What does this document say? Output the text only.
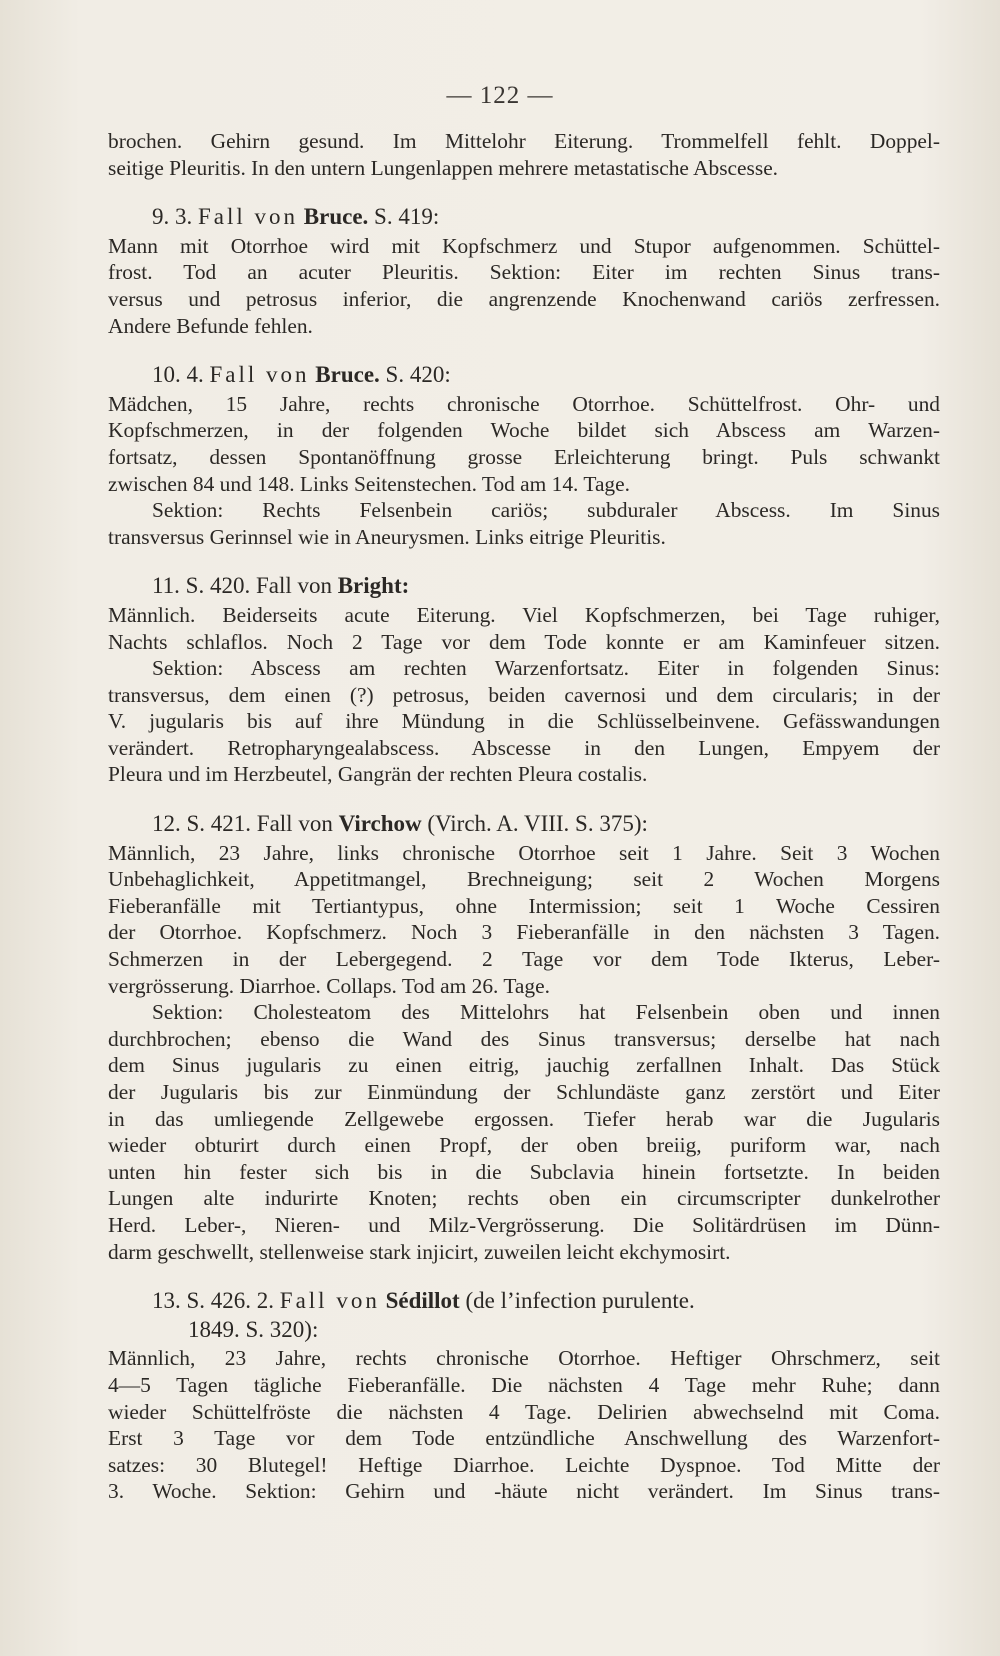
— 122 —
brochen. Gehirn gesund. Im Mittelohr Eiterung. Trommelfell fehlt. Doppel-
seitige Pleuritis. In den untern Lungenlappen mehrere metastatische Abscesse.
9. 3. Fall von Bruce. S. 419:
Mann mit Otorrhoe wird mit Kopfschmerz und Stupor aufgenommen. Schüttel-
frost. Tod an acuter Pleuritis. Sektion: Eiter im rechten Sinus trans-
versus und petrosus inferior, die angrenzende Knochenwand cariös zerfressen.
Andere Befunde fehlen.
10. 4. Fall von Bruce. S. 420:
Mädchen, 15 Jahre, rechts chronische Otorrhoe. Schüttelfrost. Ohr- und
Kopfschmerzen, in der folgenden Woche bildet sich Abscess am Warzen-
fortsatz, dessen Spontanöffnung grosse Erleichterung bringt. Puls schwankt
zwischen 84 und 148. Links Seitenstechen. Tod am 14. Tage.
Sektion: Rechts Felsenbein cariös; subduraler Abscess. Im Sinus
transversus Gerinnsel wie in Aneurysmen. Links eitrige Pleuritis.
11. S. 420. Fall von Bright:
Männlich. Beiderseits acute Eiterung. Viel Kopfschmerzen, bei Tage ruhiger,
Nachts schlaflos. Noch 2 Tage vor dem Tode konnte er am Kaminfeuer sitzen.
Sektion: Abscess am rechten Warzenfortsatz. Eiter in folgenden Sinus:
transversus, dem einen (?) petrosus, beiden cavernosi und dem circularis; in der
V. jugularis bis auf ihre Mündung in die Schlüsselbeinvene. Gefässwandungen
verändert. Retropharyngealabscess. Abscesse in den Lungen, Empyem der
Pleura und im Herzbeutel, Gangrän der rechten Pleura costalis.
12. S. 421. Fall von Virchow (Virch. A. VIII. S. 375):
Männlich, 23 Jahre, links chronische Otorrhoe seit 1 Jahre. Seit 3 Wochen
Unbehaglichkeit, Appetitmangel, Brechneigung; seit 2 Wochen Morgens
Fieberanfälle mit Tertiantypus, ohne Intermission; seit 1 Woche Cessiren
der Otorrhoe. Kopfschmerz. Noch 3 Fieberanfälle in den nächsten 3 Tagen.
Schmerzen in der Lebergegend. 2 Tage vor dem Tode Ikterus, Leber-
vergrösserung. Diarrhoe. Collaps. Tod am 26. Tage.
Sektion: Cholesteatom des Mittelohrs hat Felsenbein oben und innen
durchbrochen; ebenso die Wand des Sinus transversus; derselbe hat nach
dem Sinus jugularis zu einen eitrig, jauchig zerfallnen Inhalt. Das Stück
der Jugularis bis zur Einmündung der Schlundäste ganz zerstört und Eiter
in das umliegende Zellgewebe ergossen. Tiefer herab war die Jugularis
wieder obturirt durch einen Propf, der oben breiig, puriform war, nach
unten hin fester sich bis in die Subclavia hinein fortsetzte. In beiden
Lungen alte indurirte Knoten; rechts oben ein circumscripter dunkelrother
Herd. Leber-, Nieren- und Milz-Vergrösserung. Die Solitärdrüsen im Dünn-
darm geschwellt, stellenweise stark injicirt, zuweilen leicht ekchymosirt.
13. S. 426. 2. Fall von Sédillot (de l’infection purulente.
1849. S. 320):
Männlich, 23 Jahre, rechts chronische Otorrhoe. Heftiger Ohrschmerz, seit
4—5 Tagen tägliche Fieberanfälle. Die nächsten 4 Tage mehr Ruhe; dann
wieder Schüttelfröste die nächsten 4 Tage. Delirien abwechselnd mit Coma.
Erst 3 Tage vor dem Tode entzündliche Anschwellung des Warzenfort-
satzes: 30 Blutegel! Heftige Diarrhoe. Leichte Dyspnoe. Tod Mitte der
3. Woche. Sektion: Gehirn und -häute nicht verändert. Im Sinus trans-
